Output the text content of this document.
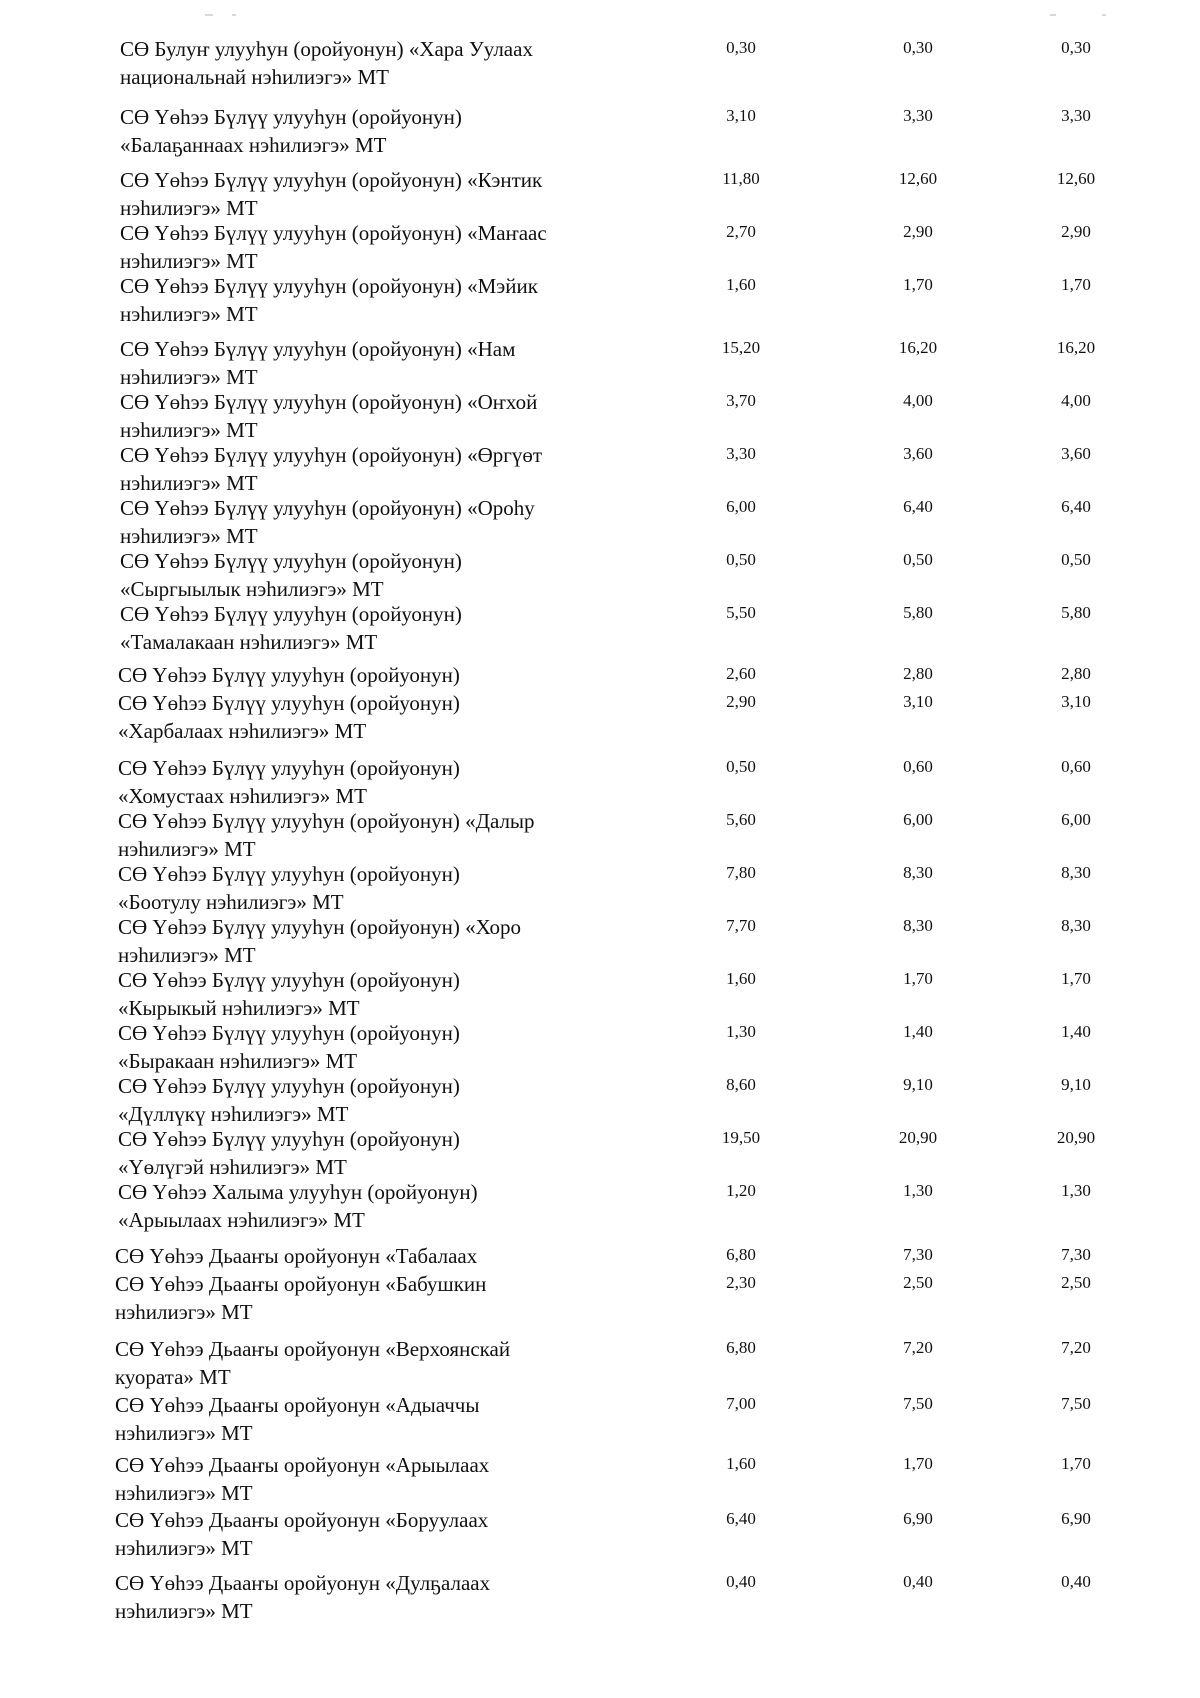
СӨ Булуҥ улууһун (оройуонун) «Хара Уулаах
национальнай нэһилиэгэ» МТ
0,30	0,30	0,30
СӨ Үөһээ Бүлүү улууһун (оройуонун)
«Балаҕаннаах нэһилиэгэ» МТ
3,10	3,30	3,30
СӨ Үөһээ Бүлүү улууһун (оройуонун) «Кэнтик
нэһилиэгэ» МТ
11,80	12,60	12,60
СӨ Үөһээ Бүлүү улууһун (оройуонун) «Маҥаас
нэһилиэгэ» МТ
2,70	2,90	2,90
СӨ Үөһээ Бүлүү улууһун (оройуонун) «Мэйик
нэһилиэгэ» МТ
1,60	1,70	1,70
СӨ Үөһээ Бүлүү улууһун (оройуонун) «Нам
нэһилиэгэ» МТ
15,20	16,20	16,20
СӨ Үөһээ Бүлүү улууһун (оройуонун) «Оҥхой
нэһилиэгэ» МТ
3,70	4,00	4,00
СӨ Үөһээ Бүлүү улууһун (оройуонун) «Өргүөт
нэһилиэгэ» МТ
3,30	3,60	3,60
СӨ Үөһээ Бүлүү улууһун (оройуонун) «Ороһу
нэһилиэгэ» МТ
6,00	6,40	6,40
СӨ Үөһээ Бүлүү улууһун (оройуонун)
«Сыргыылык нэһилиэгэ» МТ
0,50	0,50	0,50
СӨ Үөһээ Бүлүү улууһун (оройуонун)
«Тамалакаан нэһилиэгэ» МТ
5,50	5,80	5,80
СӨ Үөһээ Бүлүү улууһун (оройуонун)	2,60	2,80	2,80
СӨ Үөһээ Бүлүү улууһун (оройуонун)
«Харбалаах нэһилиэгэ» МТ
2,90	3,10	3,10
СӨ Үөһээ Бүлүү улууһун (оройуонун)
«Хомустаах нэһилиэгэ» МТ
0,50	0,60	0,60
СӨ Үөһээ Бүлүү улууһун (оройуонун) «Далыр
нэһилиэгэ» МТ
5,60	6,00	6,00
СӨ Үөһээ Бүлүү улууһун (оройуонун)
«Боотулу нэһилиэгэ» МТ
7,80	8,30	8,30
СӨ Үөһээ Бүлүү улууһун (оройуонун) «Хоро
нэһилиэгэ» МТ
7,70	8,30	8,30
СӨ Үөһээ Бүлүү улууһун (оройуонун)
«Кырыкый нэһилиэгэ» МТ
1,60	1,70	1,70
СӨ Үөһээ Бүлүү улууһун (оройуонун)
«Быракаан нэһилиэгэ» МТ
1,30	1,40	1,40
СӨ Үөһээ Бүлүү улууһун (оройуонун)
«Дүллүкү нэһилиэгэ» МТ
8,60	9,10	9,10
СӨ Үөһээ Бүлүү улууһун (оройуонун)
«Үөлүгэй нэһилиэгэ» МТ
19,50	20,90	20,90
СӨ Үөһээ Халыма улууһун (оройуонун)
«Арыылаах нэһилиэгэ» МТ
1,20	1,30	1,30
СӨ Үөһээ Дьааҥы оройуонун «Табалаах	6,80	7,30	7,30
СӨ Үөһээ Дьааҥы оройуонун «Бабушкин
нэһилиэгэ» МТ
2,30	2,50	2,50
СӨ Үөһээ Дьааҥы оройуонун «Верхоянскай
куората» МТ
6,80	7,20	7,20
СӨ Үөһээ Дьааҥы оройуонун «Адыаччы
нэһилиэгэ» МТ
7,00	7,50	7,50
СӨ Үөһээ Дьааҥы оройуонун «Арыылаах
нэһилиэгэ» МТ
1,60	1,70	1,70
СӨ Үөһээ Дьааҥы оройуонун «Боруулаах
нэһилиэгэ» МТ
6,40	6,90	6,90
СӨ Үөһээ Дьааҥы оройуонун «Дулҕалаах
нэһилиэгэ» МТ
0,40	0,40	0,40
